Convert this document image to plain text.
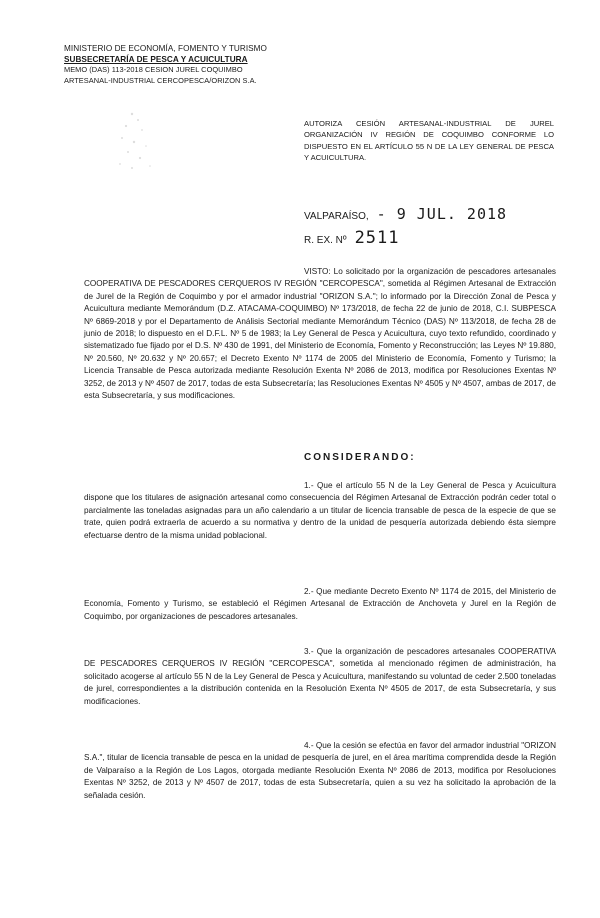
MINISTERIO DE ECONOMÍA, FOMENTO Y TURISMO
SUBSECRETARÍA DE PESCA Y ACUICULTURA
MEMO (DAS) 113-2018 CESION JUREL COQUIMBO
ARTESANAL-INDUSTRIAL CERCOPESCA/ORIZON S.A.
AUTORIZA CESIÓN ARTESANAL-INDUSTRIAL DE JUREL ORGANIZACIÓN IV REGIÓN DE COQUIMBO CONFORME LO DISPUESTO EN EL ARTÍCULO 55 N DE LA LEY GENERAL DE PESCA Y ACUICULTURA.
VALPARAÍSO, - 9 JUL. 2018
R. EX. Nº 2511
VISTO: Lo solicitado por la organización de pescadores artesanales COOPERATIVA DE PESCADORES CERQUEROS IV REGIÓN "CERCOPESCA", sometida al Régimen Artesanal de Extracción de Jurel de la Región de Coquimbo y por el armador industrial "ORIZON S.A."; lo informado por la Dirección Zonal de Pesca y Acuicultura mediante Memorándum (D.Z. ATACAMA-COQUIMBO) Nº 173/2018, de fecha 22 de junio de 2018, C.I. SUBPESCA Nº 6869-2018 y por el Departamento de Análisis Sectorial mediante Memorándum Técnico (DAS) Nº 113/2018, de fecha 28 de junio de 2018; lo dispuesto en el D.F.L. Nº 5 de 1983; la Ley General de Pesca y Acuicultura, cuyo texto refundido, coordinado y sistematizado fue fijado por el D.S. Nº 430 de 1991, del Ministerio de Economía, Fomento y Reconstrucción; las Leyes Nº 19.880, Nº 20.560, Nº 20.632 y Nº 20.657; el Decreto Exento Nº 1174 de 2005 del Ministerio de Economía, Fomento y Turismo; la Licencia Transable de Pesca autorizada mediante Resolución Exenta Nº 2086 de 2013, modifica por Resoluciones Exentas Nº 3252, de 2013 y Nº 4507 de 2017, todas de esta Subsecretaría; las Resoluciones Exentas Nº 4505 y Nº 4507, ambas de 2017, de esta Subsecretaría, y sus modificaciones.
CONSIDERANDO:
1.- Que el artículo 55 N de la Ley General de Pesca y Acuicultura dispone que los titulares de asignación artesanal como consecuencia del Régimen Artesanal de Extracción podrán ceder total o parcialmente las toneladas asignadas para un año calendario a un titular de licencia transable de pesca de la especie de que se trate, quien podrá extraerla de acuerdo a su normativa y dentro de la unidad de pesquería autorizada debiendo ésta siempre efectuarse dentro de la misma unidad poblacional.
2.- Que mediante Decreto Exento Nº 1174 de 2015, del Ministerio de Economía, Fomento y Turismo, se estableció el Régimen Artesanal de Extracción de Anchoveta y Jurel en la Región de Coquimbo, por organizaciones de pescadores artesanales.
3.- Que la organización de pescadores artesanales COOPERATIVA DE PESCADORES CERQUEROS IV REGIÓN "CERCOPESCA", sometida al mencionado régimen de administración, ha solicitado acogerse al artículo 55 N de la Ley General de Pesca y Acuicultura, manifestando su voluntad de ceder 2.500 toneladas de jurel, correspondientes a la distribución contenida en la Resolución Exenta Nº 4505 de 2017, de esta Subsecretaría, y sus modificaciones.
4.- Que la cesión se efectúa en favor del armador industrial "ORIZON S.A.", titular de licencia transable de pesca en la unidad de pesquería de jurel, en el área marítima comprendida desde la Región de Valparaíso a la Región de Los Lagos, otorgada mediante Resolución Exenta Nº 2086 de 2013, modifica por Resoluciones Exentas Nº 3252, de 2013 y Nº 4507 de 2017, todas de esta Subsecretaría, quien a su vez ha solicitado la aprobación de la señalada cesión.
